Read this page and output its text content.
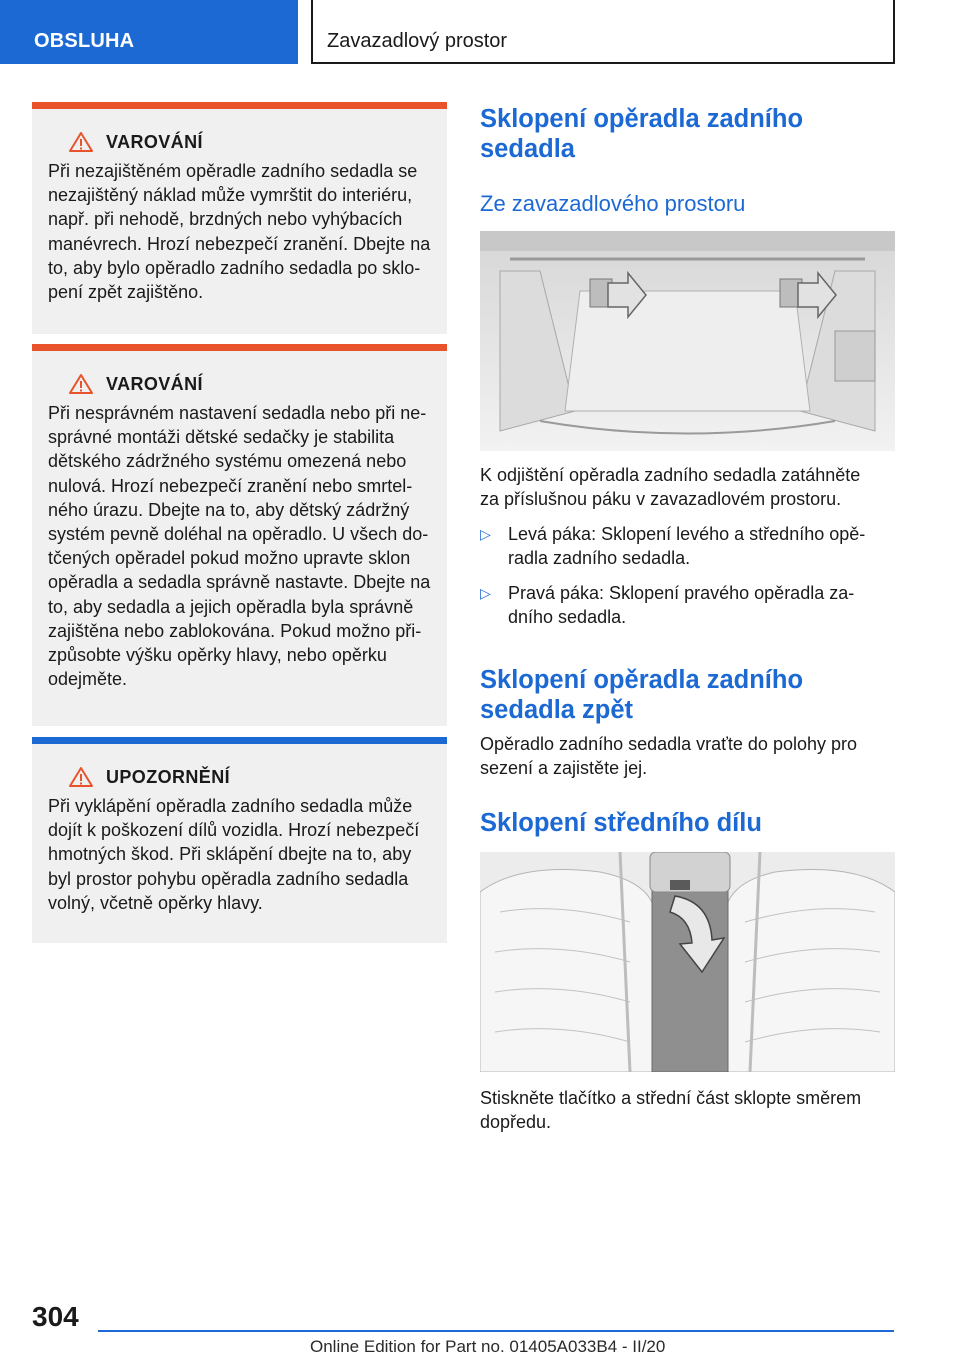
OBSLUHA	Zavazadlový prostor
VAROVÁNÍ

Při nezajištěném opěradle zadního sedadla se
nezajištěný náklad může vymrštit do interiéru,
např. při nehodě, brzdných nebo vyhýbacích
manévrech. Hrozí nebezpečí zranění. Dbejte na
to, aby bylo opěradlo zadního sedadla po sklo‐
pení zpět zajištěno.

VAROVÁNÍ

Při nesprávném nastavení sedadla nebo při ne‐
správné montáži dětské sedačky je stabilita
dětského zádržného systému omezená nebo
nulová. Hrozí nebezpečí zranění nebo smrtel‐
ného úrazu. Dbejte na to, aby dětský zádržný
systém pevně doléhal na opěradlo. U všech do‐
tčených opěradel pokud možno upravte sklon
opěradla a sedadla správně nastavte. Dbejte na
to, aby sedadla a jejich opěradla byla správně
zajištěna nebo zablokována. Pokud možno při‐
způsobte výšku opěrky hlavy, nebo opěrku
odejměte.

UPOZORNĚNÍ

Při vyklápění opěradla zadního sedadla může
dojít k poškození dílů vozidla. Hrozí nebezpečí
hmotných škod. Při sklápění dbejte na to, aby
byl prostor pohybu opěradla zadního sedadla
volný, včetně opěrky hlavy.

Sklopení opěradla zadního
sedadla
Ze zavazadlového prostoru
K odjištění opěradla zadního sedadla zatáhněte
za příslušnou páku v zavazadlovém prostoru.
▷ Levá páka: Sklopení levého a středního opě‐
radla zadního sedadla.
▷ Pravá páka: Sklopení pravého opěradla za‐
dního sedadla.
Sklopení opěradla zadního
sedadla zpět
Opěradlo zadního sedadla vraťte do polohy pro
sezení a zajistěte jej.
Sklopení středního dílu
Stiskněte tlačítko a střední část sklopte směrem
dopředu.
304
Online Edition for Part no. 01405A033B4 - II/20
